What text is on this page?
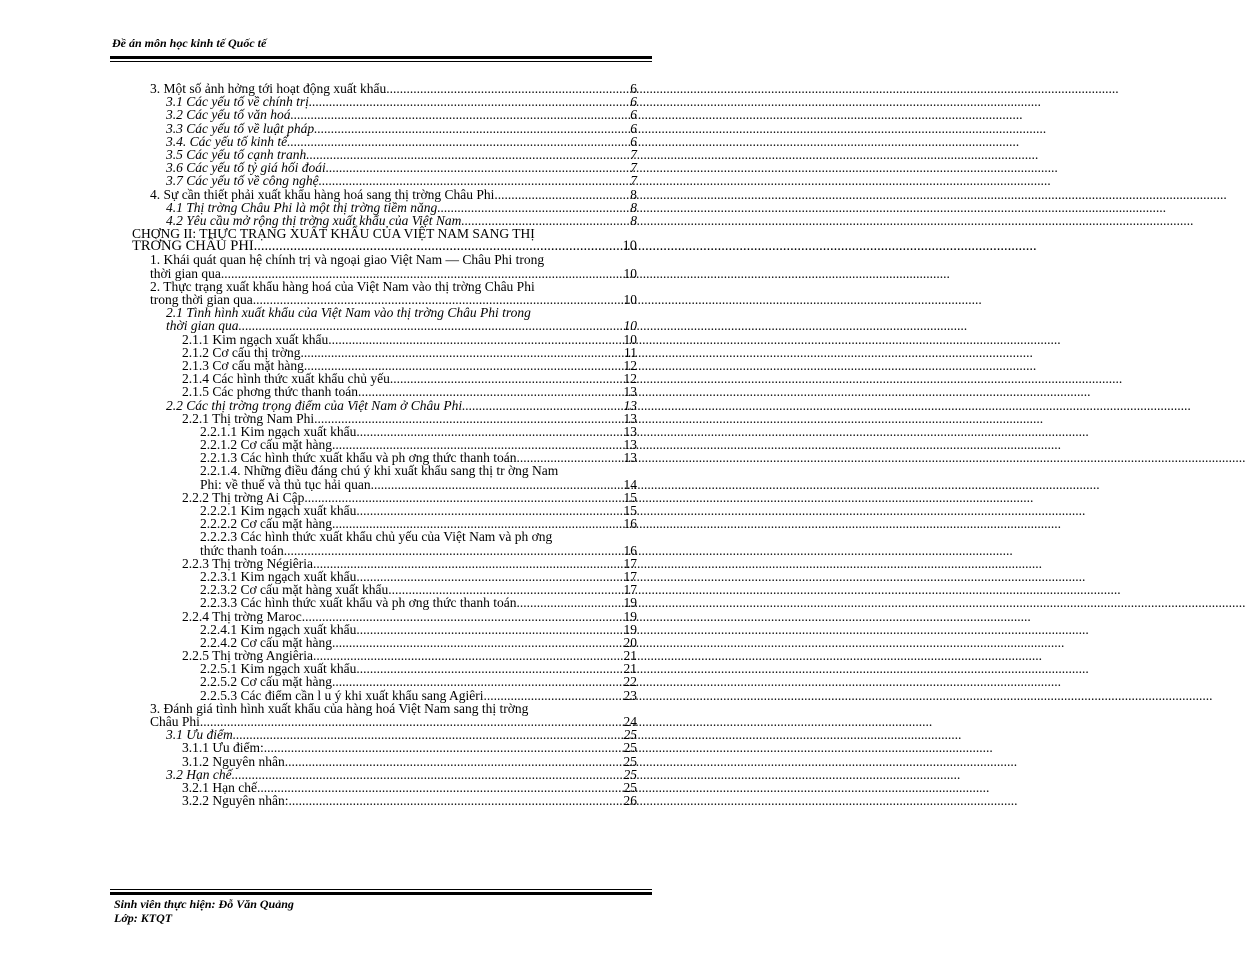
Đề án môn học kinh tế Quốc tế
3. Một số ảnh hởng tới hoạt động xuất khẩu. .....	6
3.1 Các yếu tố về chính trị. .....	6
3.2 Các yếu tố văn hoá. .....	6
3.3 Các yếu tố về luật pháp. .....	6
3.4. Các yếu tố kinh tế. .....	6
3.5 Các yếu tố cạnh tranh. .....	7
3.6 Các yếu tố tỷ giá hối đoái. .....	7
3.7 Các yếu tố về công nghệ. .....	7
4. Sự cần thiết phải xuất khẩu hàng hoá sang thị trờng Châu Phi. .....	8
4.1 Thị trờng Châu Phi là một thị trờng tiềm năng .....	8
4.2 Yêu cầu mở rộng thị trờng xuất khẩu của Việt Nam. .....	8
CHƠNG II: THỰC TRẠNG XUẤT KHẨU CỦA VIỆT NAM SANG THỊ
TRỜNG CHÂU PHI .....	10
1. Khái quát quan hệ chính trị và ngoại giao Việt Nam — Châu Phi trong
thời gian qua .....	10
2. Thực trạng xuất khẩu hàng hoá của Việt Nam vào thị trờng Châu Phi
trong thời gian qua .....	10
2.1 Tình hình xuất khẩu của Việt Nam vào thị trờng Châu Phi trong
thời gian qua .....	10
2.1.1 Kim ngạch xuất khẩu. .....	10
2.1.2 Cơ cấu thị trờng. .....	11
2.1.3 Cơ cấu mặt hàng. .....	12
2.1.4 Các hình thức xuất khẩu chủ yếu. .....	12
2.1.5 Các phơng thức thanh toán. .....	13
2.2 Các thị trờng trọng điểm của Việt Nam ở Châu Phi .....	13
2.2.1 Thị trờng Nam Phi .....	13
2.2.1.1 Kim ngạch xuất khẩu. .....	13
2.2.1.2 Cơ cấu mặt hàng .....	13
2.2.1.3 Các hình thức xuất khẩu và ph ơng thức thanh toán .....	13
2.2.1.4. Những điều đáng chú ý khi xuất khẩu sang thị tr ờng Nam
Phi: về thuế và thủ tục hải quan .....	14
2.2.2 Thị trờng Ai Cập .....	15
2.2.2.1 Kim ngạch xuất khẩu .....	15
2.2.2.2 Cơ cấu mặt hàng .....	16
2.2.2.3 Các hình thức xuất khẩu chủ yếu của Việt Nam và ph ơng
thức thanh toán .....	16
2.2.3 Thị trờng Négiêria .....	17
2.2.3.1 Kim ngạch xuất khẩu .....	17
2.2.3.2 Cơ cấu mặt hàng xuất khẩu. .....	17
2.2.3.3 Các hình thức xuất khẩu và ph ơng thức thanh toán .....	19
2.2.4 Thị trờng Maroc .....	19
2.2.4.1 Kim ngạch xuất khẩu. .....	19
2.2.4.2 Cơ cấu mặt hàng. .....	20
2.2.5 Thị trờng Angiêria .....	21
2.2.5.1 Kim ngạch xuất khẩu. .....	21
2.2.5.2 Cơ cấu mặt hàng .....	22
2.2.5.3 Các điểm cần l u ý khi xuất khẩu sang Agiêri .....	23
3. Đánh giá tình hình xuất khẩu của hàng hoá Việt Nam sang thị trờng
Châu Phi. .....	24
3.1 Ưu điểm .....	25
3.1.1 Ưu điểm: .....	25
3.1.2 Nguyên nhân. .....	25
3.2 Hạn chế .....	25
3.2.1 Hạn chế. .....	25
3.2.2 Nguyên nhân: .....	26
Sinh viên thực hiện: Đỗ Văn Quảng
Lớp: KTQT
